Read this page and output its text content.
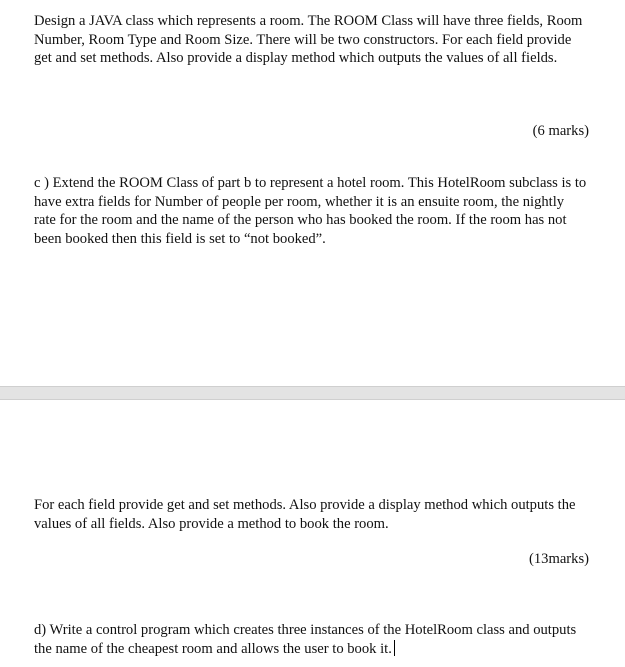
Design a JAVA class which represents a room. The ROOM Class will have three fields, Room Number, Room Type and Room Size. There will be two constructors. For each field provide get and set methods. Also provide a display method which outputs the values of all fields.

(6 marks)

c ) Extend the ROOM Class of part b to represent a hotel room. This HotelRoom subclass is to have extra fields for Number of people per room, whether it is an ensuite room, the nightly rate for the room and the name of the person who has booked the room. If the room has not been booked then this field is set to “not booked”.

For each field provide get and set methods. Also provide a display method which outputs the values of all fields. Also provide a method to book the room.

(13marks)

d) Write a control program which creates three instances of the HotelRoom class and outputs the name of the cheapest room and allows the user to book it.
